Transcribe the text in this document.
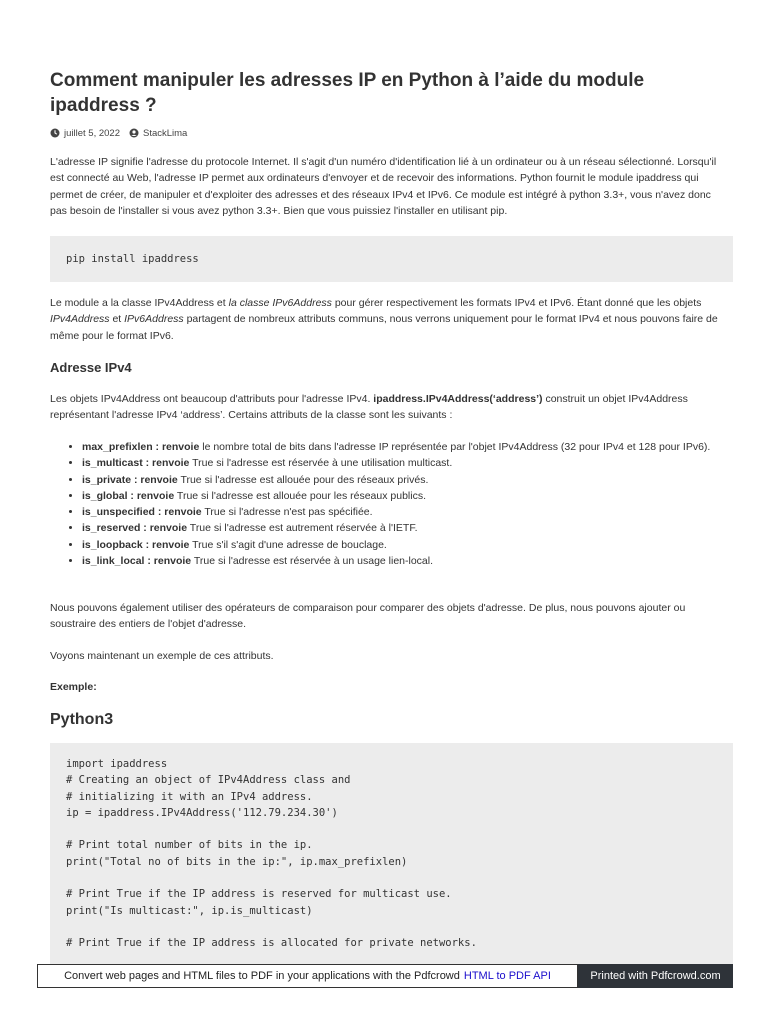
Comment manipuler les adresses IP en Python à l’aide du module ipaddress ?
juillet 5, 2022 StackLima

L'adresse IP signifie l'adresse du protocole Internet. Il s'agit d'un numéro d'identification lié à un ordinateur ou à un réseau sélectionné. Lorsqu'il est connecté au Web, l'adresse IP permet aux ordinateurs d'envoyer et de recevoir des informations. Python fournit le module ipaddress qui permet de créer, de manipuler et d'exploiter des adresses et des réseaux IPv4 et IPv6. Ce module est intégré à python 3.3+, vous n'avez donc pas besoin de l'installer si vous avez python 3.3+. Bien que vous puissiez l'installer en utilisant pip.

pip install ipaddress

Le module a la classe IPv4Address et la classe IPv6Address pour gérer respectivement les formats IPv4 et IPv6. Étant donné que les objets IPv4Address et IPv6Address partagent de nombreux attributs communs, nous verrons uniquement pour le format IPv4 et nous pouvons faire de même pour le format IPv6.

Adresse IPv4

Les objets IPv4Address ont beaucoup d'attributs pour l'adresse IPv4. ipaddress.IPv4Address(‘address’) construit un objet IPv4Address représentant l'adresse IPv4 ‘address’. Certains attributs de la classe sont les suivants :

• max_prefixlen : renvoie le nombre total de bits dans l'adresse IP représentée par l'objet IPv4Address (32 pour IPv4 et 128 pour IPv6).
• is_multicast : renvoie True si l'adresse est réservée à une utilisation multicast.
• is_private : renvoie True si l'adresse est allouée pour des réseaux privés.
• is_global : renvoie True si l'adresse est allouée pour les réseaux publics.
• is_unspecified : renvoie True si l'adresse n'est pas spécifiée.
• is_reserved : renvoie True si l'adresse est autrement réservée à l'IETF.
• is_loopback : renvoie True s'il s'agit d'une adresse de bouclage.
• is_link_local : renvoie True si l'adresse est réservée à un usage lien-local.

Nous pouvons également utiliser des opérateurs de comparaison pour comparer des objets d'adresse. De plus, nous pouvons ajouter ou soustraire des entiers de l'objet d'adresse.

Voyons maintenant un exemple de ces attributs.

Exemple:

Python3
import ipaddress
# Creating an object of IPv4Address class and
# initializing it with an IPv4 address.
ip = ipaddress.IPv4Address('112.79.234.30')

# Print total number of bits in the ip.
print("Total no of bits in the ip:", ip.max_prefixlen)

# Print True if the IP address is reserved for multicast use.
print("Is multicast:", ip.is_multicast)

# Print True if the IP address is allocated for private networks.
Convert web pages and HTML files to PDF in your applications with the Pdfcrowd HTML to PDF API	Printed with Pdfcrowd.com
